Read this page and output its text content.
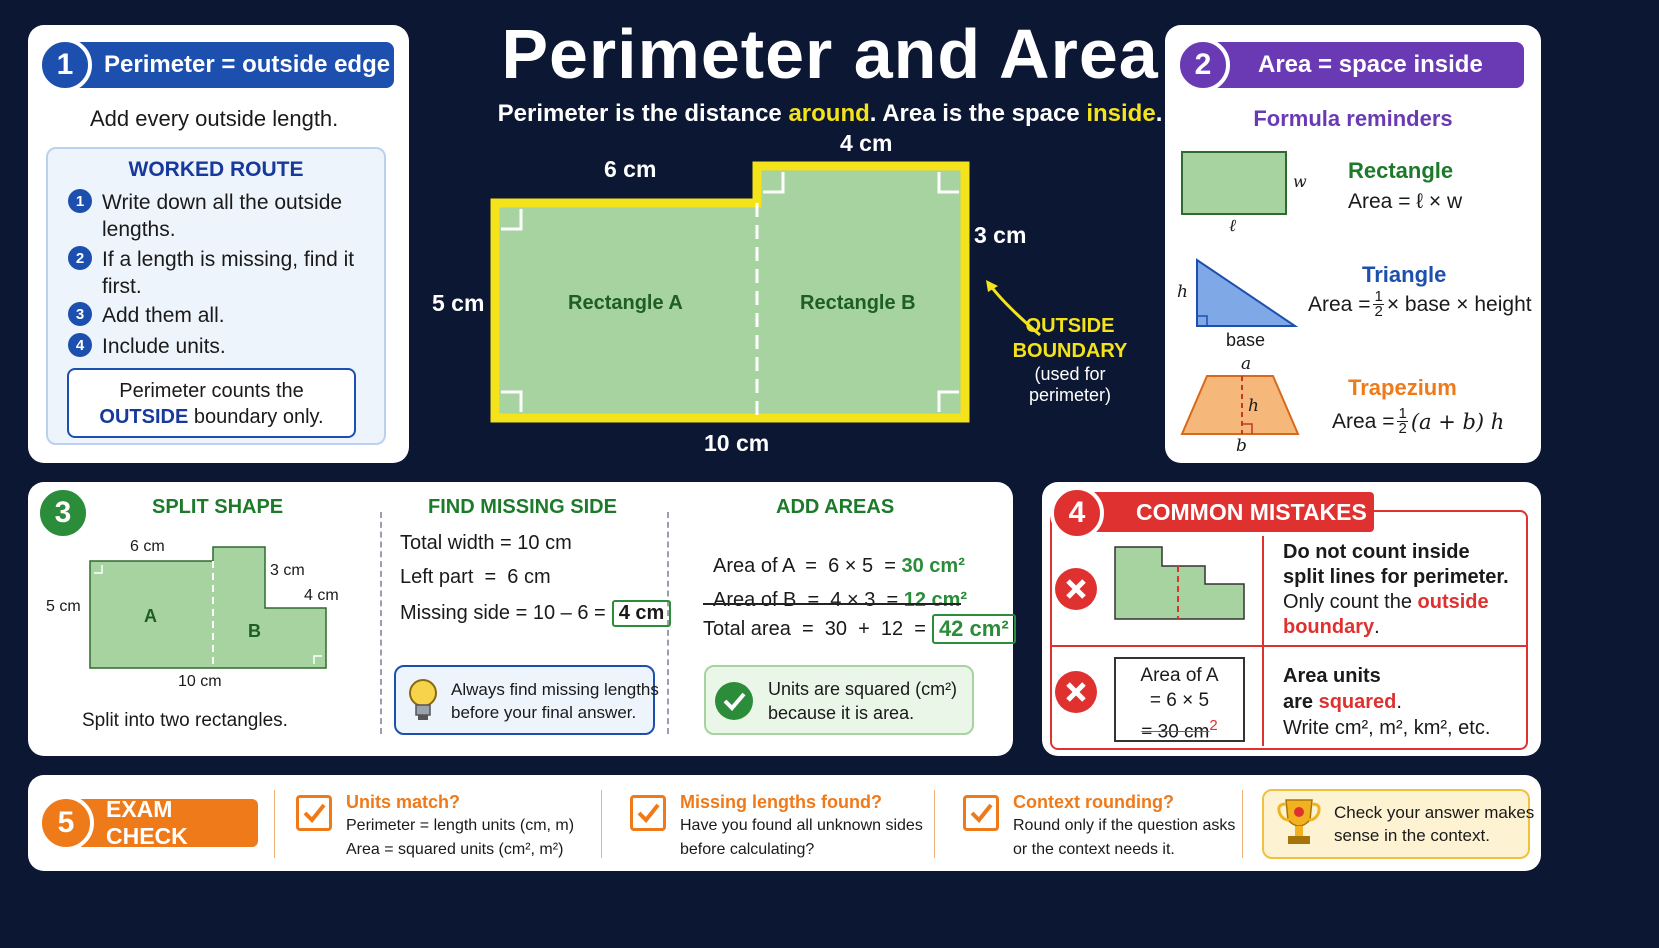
Perimeter and Area
Perimeter is the distance around. Area is the space inside.
6 cm
4 cm
3 cm
5 cm
10 cm
Rectangle A	Rectangle B
OUTSIDE
BOUNDARY
(used for
perimeter)
Perimeter = outside edge
1
Add every outside length.
WORKED ROUTE
1 Write down all the outside lengths.
2 If a length is missing, find it first.
3 Add them all.
4 Include units.
Perimeter counts the
OUTSIDE boundary only.
Area = space inside
2
Formula reminders
w
ℓ
Rectangle
Area = ℓ × w
h
base
Triangle
Area = $\frac{1}{2}$ × base × height
a
h
b
Trapezium
Area = $\frac{1}{2} (a + b)$ h
3	SPLIT SHAPE
6 cm
3 cm
4 cm
5 cm
10 cm
A
B
Split into two rectangles.
FIND MISSING SIDE
Total width = 10 cm
Left part  =  6 cm
Missing side = 10 – 6 = 4 cm
Always find missing lengths
before your final answer.
ADD AREAS

Area of A  =  6 × 5  = 30 cm²

Area of B  =  4 × 3  = 12 cm²

Total area  =  30  +  12  = 42 cm²
Units are squared (cm²)
because it is area.
COMMON MISTAKES
4
Do not count inside
split lines for perimeter.
Only count the outside
boundary.
Area of A
= 6 × 5
= 30 $cm^2$
Area units
are squared.
Write cm², m², km², etc.
EXAM CHECK
5
Units match?
Perimeter = length units (cm, m)
Area = squared units (cm², m²)
Missing lengths found?
Have you found all unknown sides
before calculating?
Context rounding?
Round only if the question asks
or the context needs it.
Check your answer makes
sense in the context.
